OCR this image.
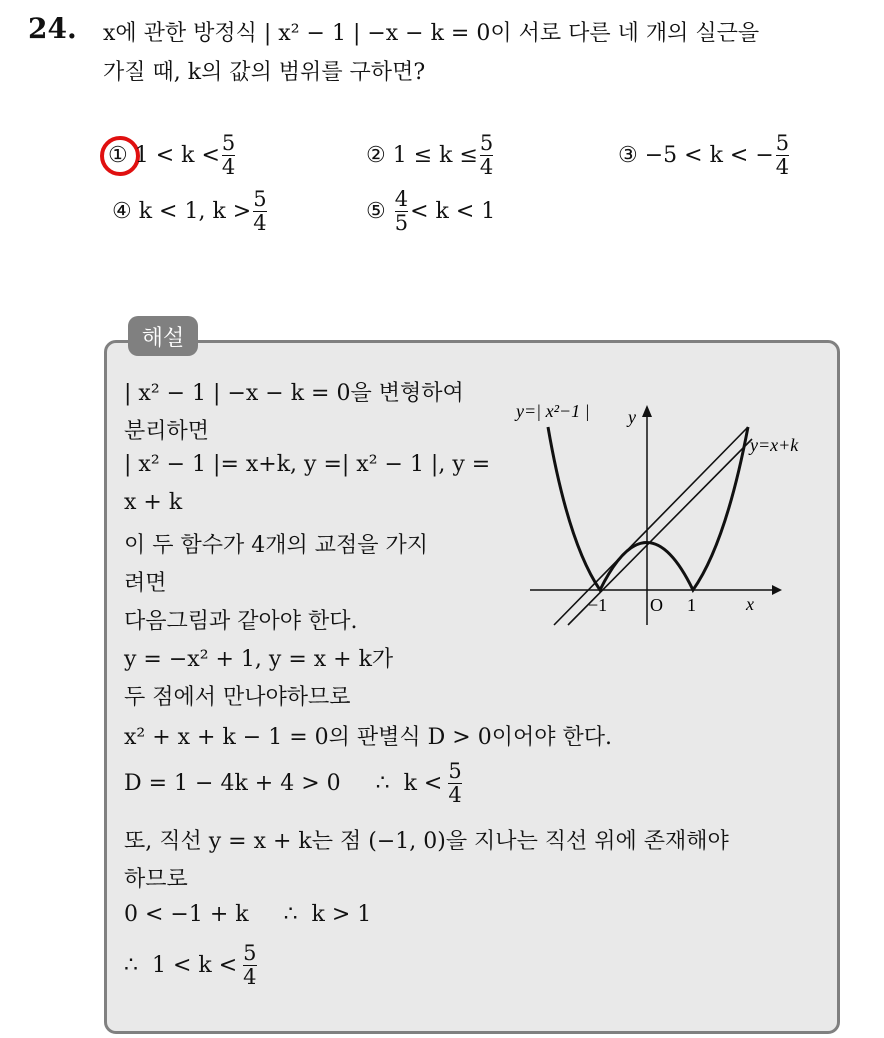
24. x에 관한 방정식 | x² − 1 | −x − k = 0이 서로 다른 네 개의 실근을
가질 때, k의 값의 범위를 구하면?
①
$1 < k < \frac{5}{4}$	②
$1 \le k \le \frac{5}{4}$	③
−5 < k < − $\frac{5}{4}$
④
k < 1, $k > \frac{5}{4}$	⑤
$\frac{4}{5} < k < 1$
해설
| x² − 1 | −x − k = 0을 변형하여
분리하면
| x² − 1 |= x+k, y =| x² − 1 |, y =
x + k
이 두 함수가 4개의 교점을 가지
려면
다음그림과 같아야 한다.
y = −x² + 1, y = x + k가
두 점에서 만나야하므로
x² + x + k − 1 = 0의 판별식 D > 0이어야 한다.
D = 1 − 4k + 4 > 0     ∴  $k < \frac{5}{4}$
또, 직선 y = x + k는 점 (−1, 0)을 지나는 직선 위에 존재해야
하므로
0 < −1 + k     ∴  k > 1
∴  $1 < k < \frac{5}{4}$
y=| x²−1 | y
y=x+k
x
−1 O 1
